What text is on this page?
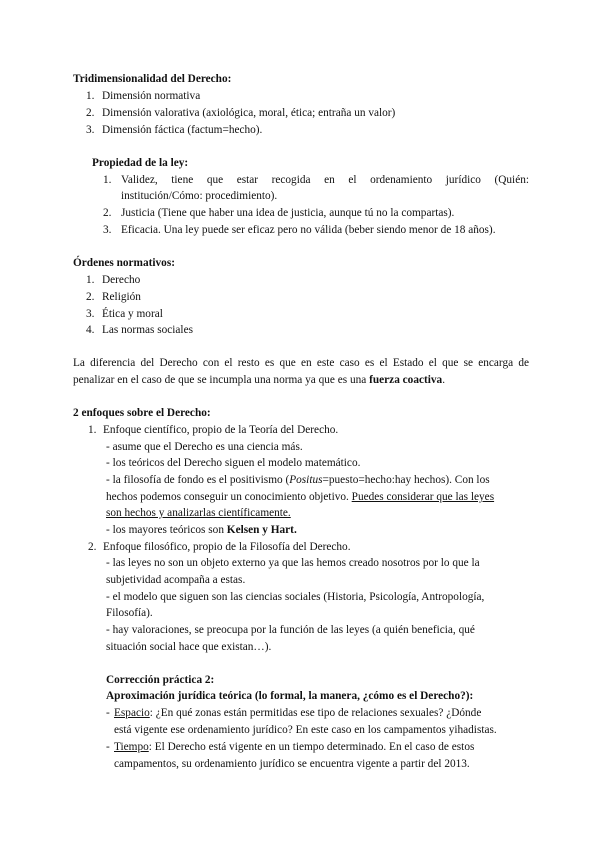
Tridimensionalidad del Derecho:
1. Dimensión normativa
2. Dimensión valorativa (axiológica, moral, ética; entraña un valor)
3. Dimensión fáctica (factum=hecho).
Propiedad de la ley:
1. Validez, tiene que estar recogida en el ordenamiento jurídico (Quién:
institución/Cómo: procedimiento).
2. Justicia (Tiene que haber una idea de justicia, aunque tú no la compartas).
3. Eficacia. Una ley puede ser eficaz pero no válida (beber siendo menor de 18 años).
Órdenes normativos:
1. Derecho
2. Religión
3. Ética y moral
4. Las normas sociales
La diferencia del Derecho con el resto es que en este caso es el Estado el que se encarga de
penalizar en el caso de que se incumpla una norma ya que es una fuerza coactiva.
2 enfoques sobre el Derecho:
1. Enfoque científico, propio de la Teoría del Derecho.
- asume que el Derecho es una ciencia más.
- los teóricos del Derecho siguen el modelo matemático.
- la filosofía de fondo es el positivismo (Positus=puesto=hecho:hay hechos). Con los
hechos podemos conseguir un conocimiento objetivo. Puedes considerar que las leyes
son hechos y analizarlas científicamente.
- los mayores teóricos son Kelsen y Hart.
2. Enfoque filosófico, propio de la Filosofía del Derecho.
- las leyes no son un objeto externo ya que las hemos creado nosotros por lo que la
subjetividad acompaña a estas.
- el modelo que siguen son las ciencias sociales (Historia, Psicología, Antropología,
Filosofía).
- hay valoraciones, se preocupa por la función de las leyes (a quién beneficia, qué
situación social hace que existan…).
Corrección práctica 2:
Aproximación jurídica teórica (lo formal, la manera, ¿cómo es el Derecho?):
- Espacio: ¿En qué zonas están permitidas ese tipo de relaciones sexuales? ¿Dónde
está vigente ese ordenamiento jurídico? En este caso en los campamentos yihadistas.
- Tiempo: El Derecho está vigente en un tiempo determinado. En el caso de estos
campamentos, su ordenamiento jurídico se encuentra vigente a partir del 2013.
